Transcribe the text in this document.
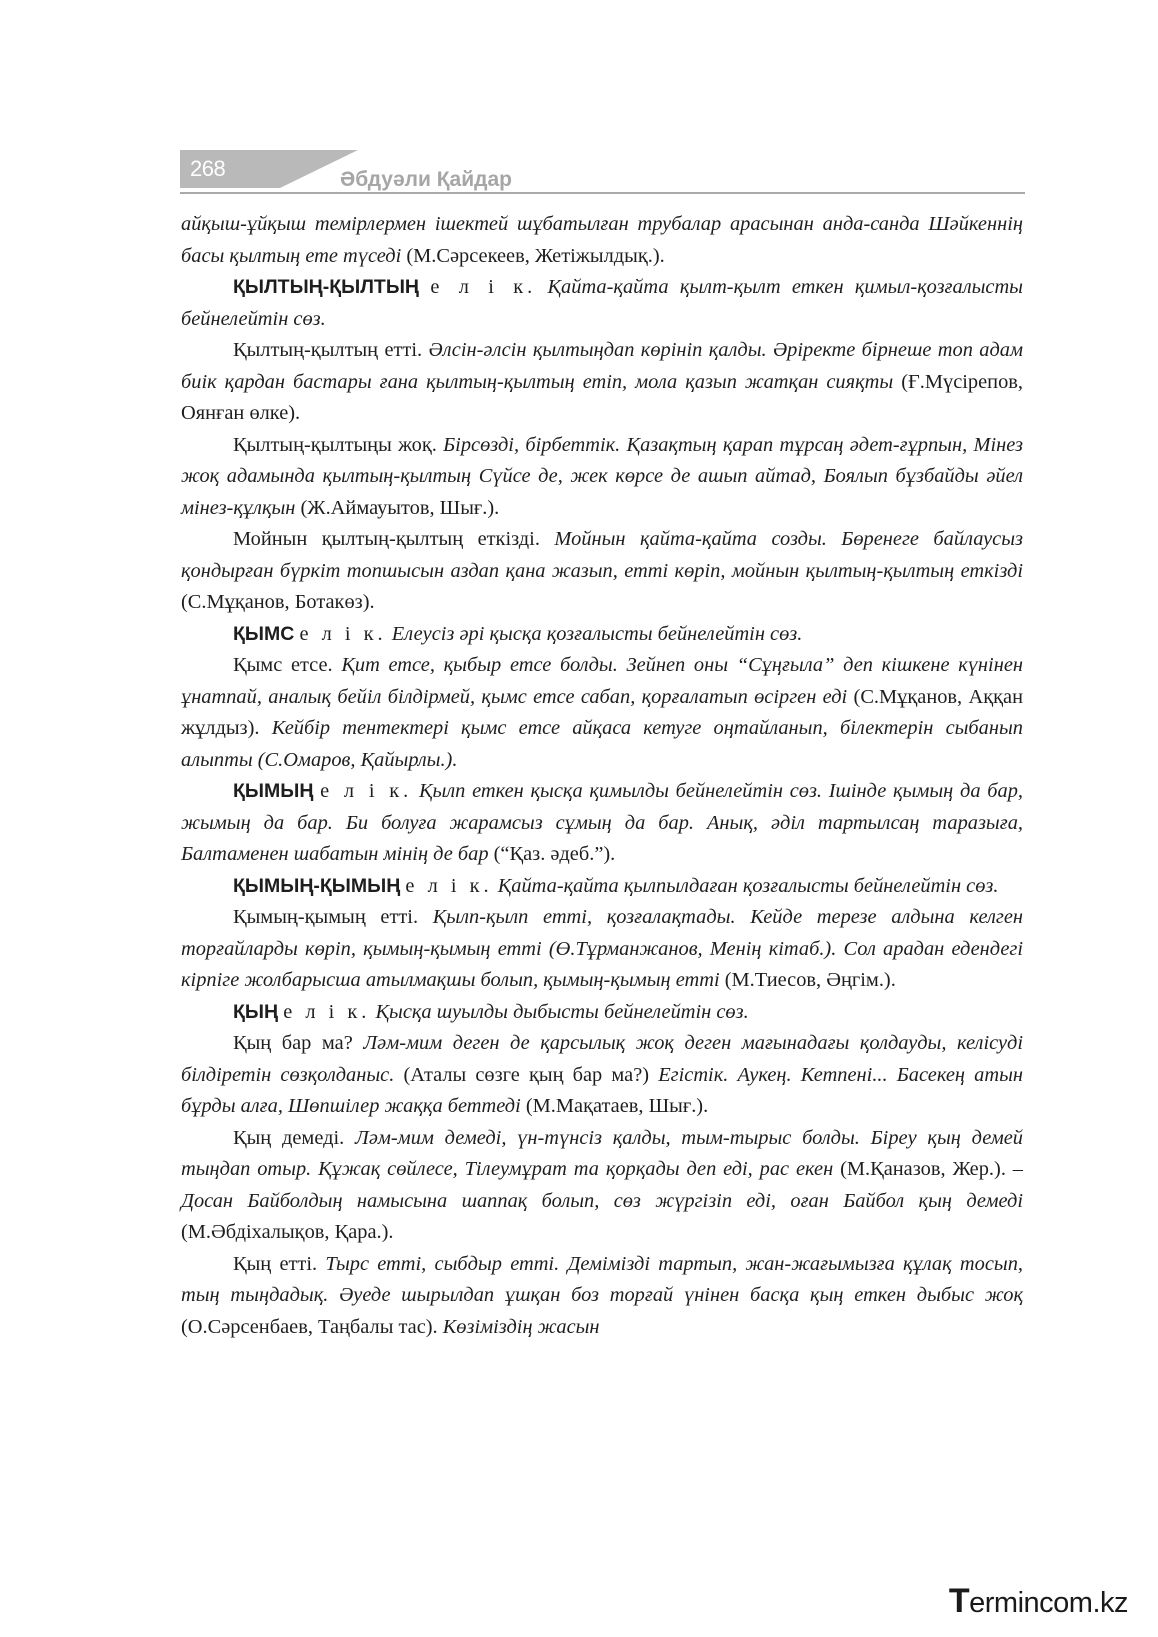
268	Әбдуәли Қайдар

айқыш-ұйқыш темірлермен ішектей шұбатылған трубалар арасынан анда-санда Шәйкеннің басы қылтың ете түседі (М.Сәрсекеев, Жетіжылдық.).

ҚЫЛТЫҢ-ҚЫЛТЫҢ е л і к. Қайта-қайта қылт-қылт еткен қимыл-қозғалысты бейнелейтін сөз.

Қылтың-қылтың етті. Әлсін-әлсін қылтыңдап көрініп қалды. Әріректе бірнеше топ адам биік қардан бастары ғана қылтың-қылтың етіп, мола қазып жатқан сияқты (Ғ.Мүсірепов, Оянған өлке).

Қылтың-қылтыңы жоқ. Бірсөзді, бірбеттік. Қазақтың қарап тұрсаң әдет-ғұрпын, Мінез жоқ адамында қылтың-қылтың Сүйсе де, жек көрсе де ашып айтад, Боялып бұзбайды әйел мінез-құлқын (Ж.Аймауытов, Шығ.).

Мойнын қылтың-қылтың еткізді. Мойнын қайта-қайта созды. Бөренеге байлаусыз қондырған бүркіт топшысын аздап қана жазып, етті көріп, мойнын қылтың-қылтың еткізді (С.Мұқанов, Ботакөз).

ҚЫМС е л і к. Елеусіз әрі қысқа қозғалысты бейнелейтін сөз.

Қымс етсе. Қит етсе, қыбыр етсе болды. Зейнеп оны “Сұңғыла” деп кішкене күнінен ұнатпай, аналық бейіл білдірмей, қымс етсе сабап, қорғалатып өсірген еді (С.Мұқанов, Аққан жұлдыз). Кейбір тентектері қымс етсе айқаса кетуге оңтайланып, білектерін сыбанып алыпты (С.Омаров, Қайырлы.).

ҚЫМЫҢ е л і к. Қылп еткен қысқа қимылды бейнелейтін сөз. Ішінде қымың да бар, жымың да бар. Би болуға жарамсыз сұмың да бар. Анық, әділ тартылсаң таразыға, Балтаменен шабатын мінің де бар (“Қаз. әдеб.”).

ҚЫМЫҢ-ҚЫМЫҢ е л і к. Қайта-қайта қылпылдаған қозғалысты бейнелейтін сөз.

Қымың-қымың етті. Қылп-қылп етті, қозғалақтады. Кейде терезе алдына келген торғайларды көріп, қымың-қымың етті (Ө.Тұрманжанов, Менің кітаб.). Сол арадан едендегі кірпіге жолбарысша атылмақшы болып, қымың-қымың етті (М.Тиесов, Әңгім.).

ҚЫҢ е л і к. Қысқа шуылды дыбысты бейнелейтін сөз.

Қың бар ма? Ләм-мим деген де қарсылық жоқ деген мағынадағы қолдауды, келісуді білдіретін сөзқолданыс. (Аталы сөзге қың бар ма?) Егістік. Аукең. Кетпені... Басекең атын бұрды алға, Шөпшілер жаққа беттеді (М.Мақатаев, Шығ.).

Қың демеді. Ләм-мим демеді, үн-түнсіз қалды, тым-тырыс болды. Біреу қың демей тыңдап отыр. Құжақ сөйлесе, Тілеумұрат та қорқады деп еді, рас екен (М.Қаназов, Жер.). – Досан Байболдың намысына шаппақ болып, сөз жүргізіп еді, оған Байбол қың демеді (М.Әбдіхалықов, Қара.).

Қың етті. Тырс етті, сыбдыр етті. Демімізді тартып, жан-жағымызға құлақ тосып, тың тыңдадық. Әуеде шырылдап ұшқан боз торғай үнінен басқа қың еткен дыбыс жоқ (О.Сәрсенбаев, Таңбалы тас). Көзіміздің жасын

Termincom.kz
